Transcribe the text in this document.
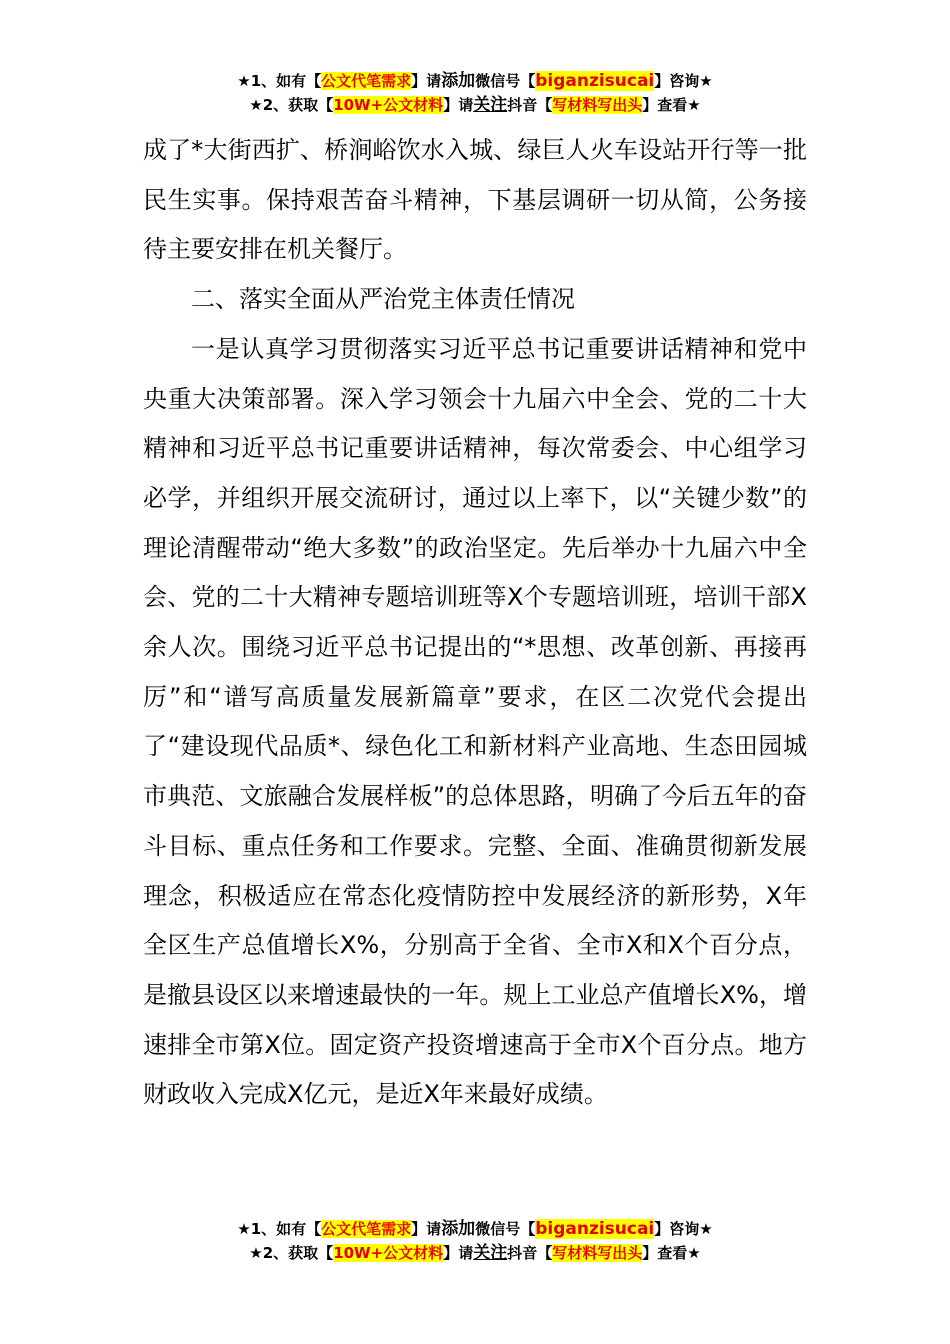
★1、如有【公文代笔需求】请添加微信号【biganzisucai】咨询★
★2、获取【10W+公文材料】请关注抖音【写材料写出头】查看★

成了*大街西扩、桥涧峪饮水入城、绿巨人火车设站开行等一批民生实事。保持艰苦奋斗精神，下基层调研一切从简，公务接待主要安排在机关餐厅。

二、落实全面从严治党主体责任情况

一是认真学习贯彻落实习近平总书记重要讲话精神和党中央重大决策部署。深入学习领会十九届六中全会、党的二十大精神和习近平总书记重要讲话精神，每次常委会、中心组学习必学，并组织开展交流研讨，通过以上率下，以“关键少数”的理论清醒带动“绝大多数”的政治坚定。先后举办十九届六中全会、党的二十大精神专题培训班等X个专题培训班，培训干部X余人次。围绕习近平总书记提出的“*思想、改革创新、再接再厉”和“谱写高质量发展新篇章”要求，在区二次党代会提出了“建设现代品质*、绿色化工和新材料产业高地、生态田园城市典范、文旅融合发展样板”的总体思路，明确了今后五年的奋斗目标、重点任务和工作要求。完整、全面、准确贯彻新发展理念，积极适应在常态化疫情防控中发展经济的新形势，X年全区生产总值增长X%，分别高于全省、全市X和X个百分点，是撤县设区以来增速最快的一年。规上工业总产值增长X%，增速排全市第X位。固定资产投资增速高于全市X个百分点。地方财政收入完成X亿元，是近X年来最好成绩。

★1、如有【公文代笔需求】请添加微信号【biganzisucai】咨询★
★2、获取【10W+公文材料】请关注抖音【写材料写出头】查看★
